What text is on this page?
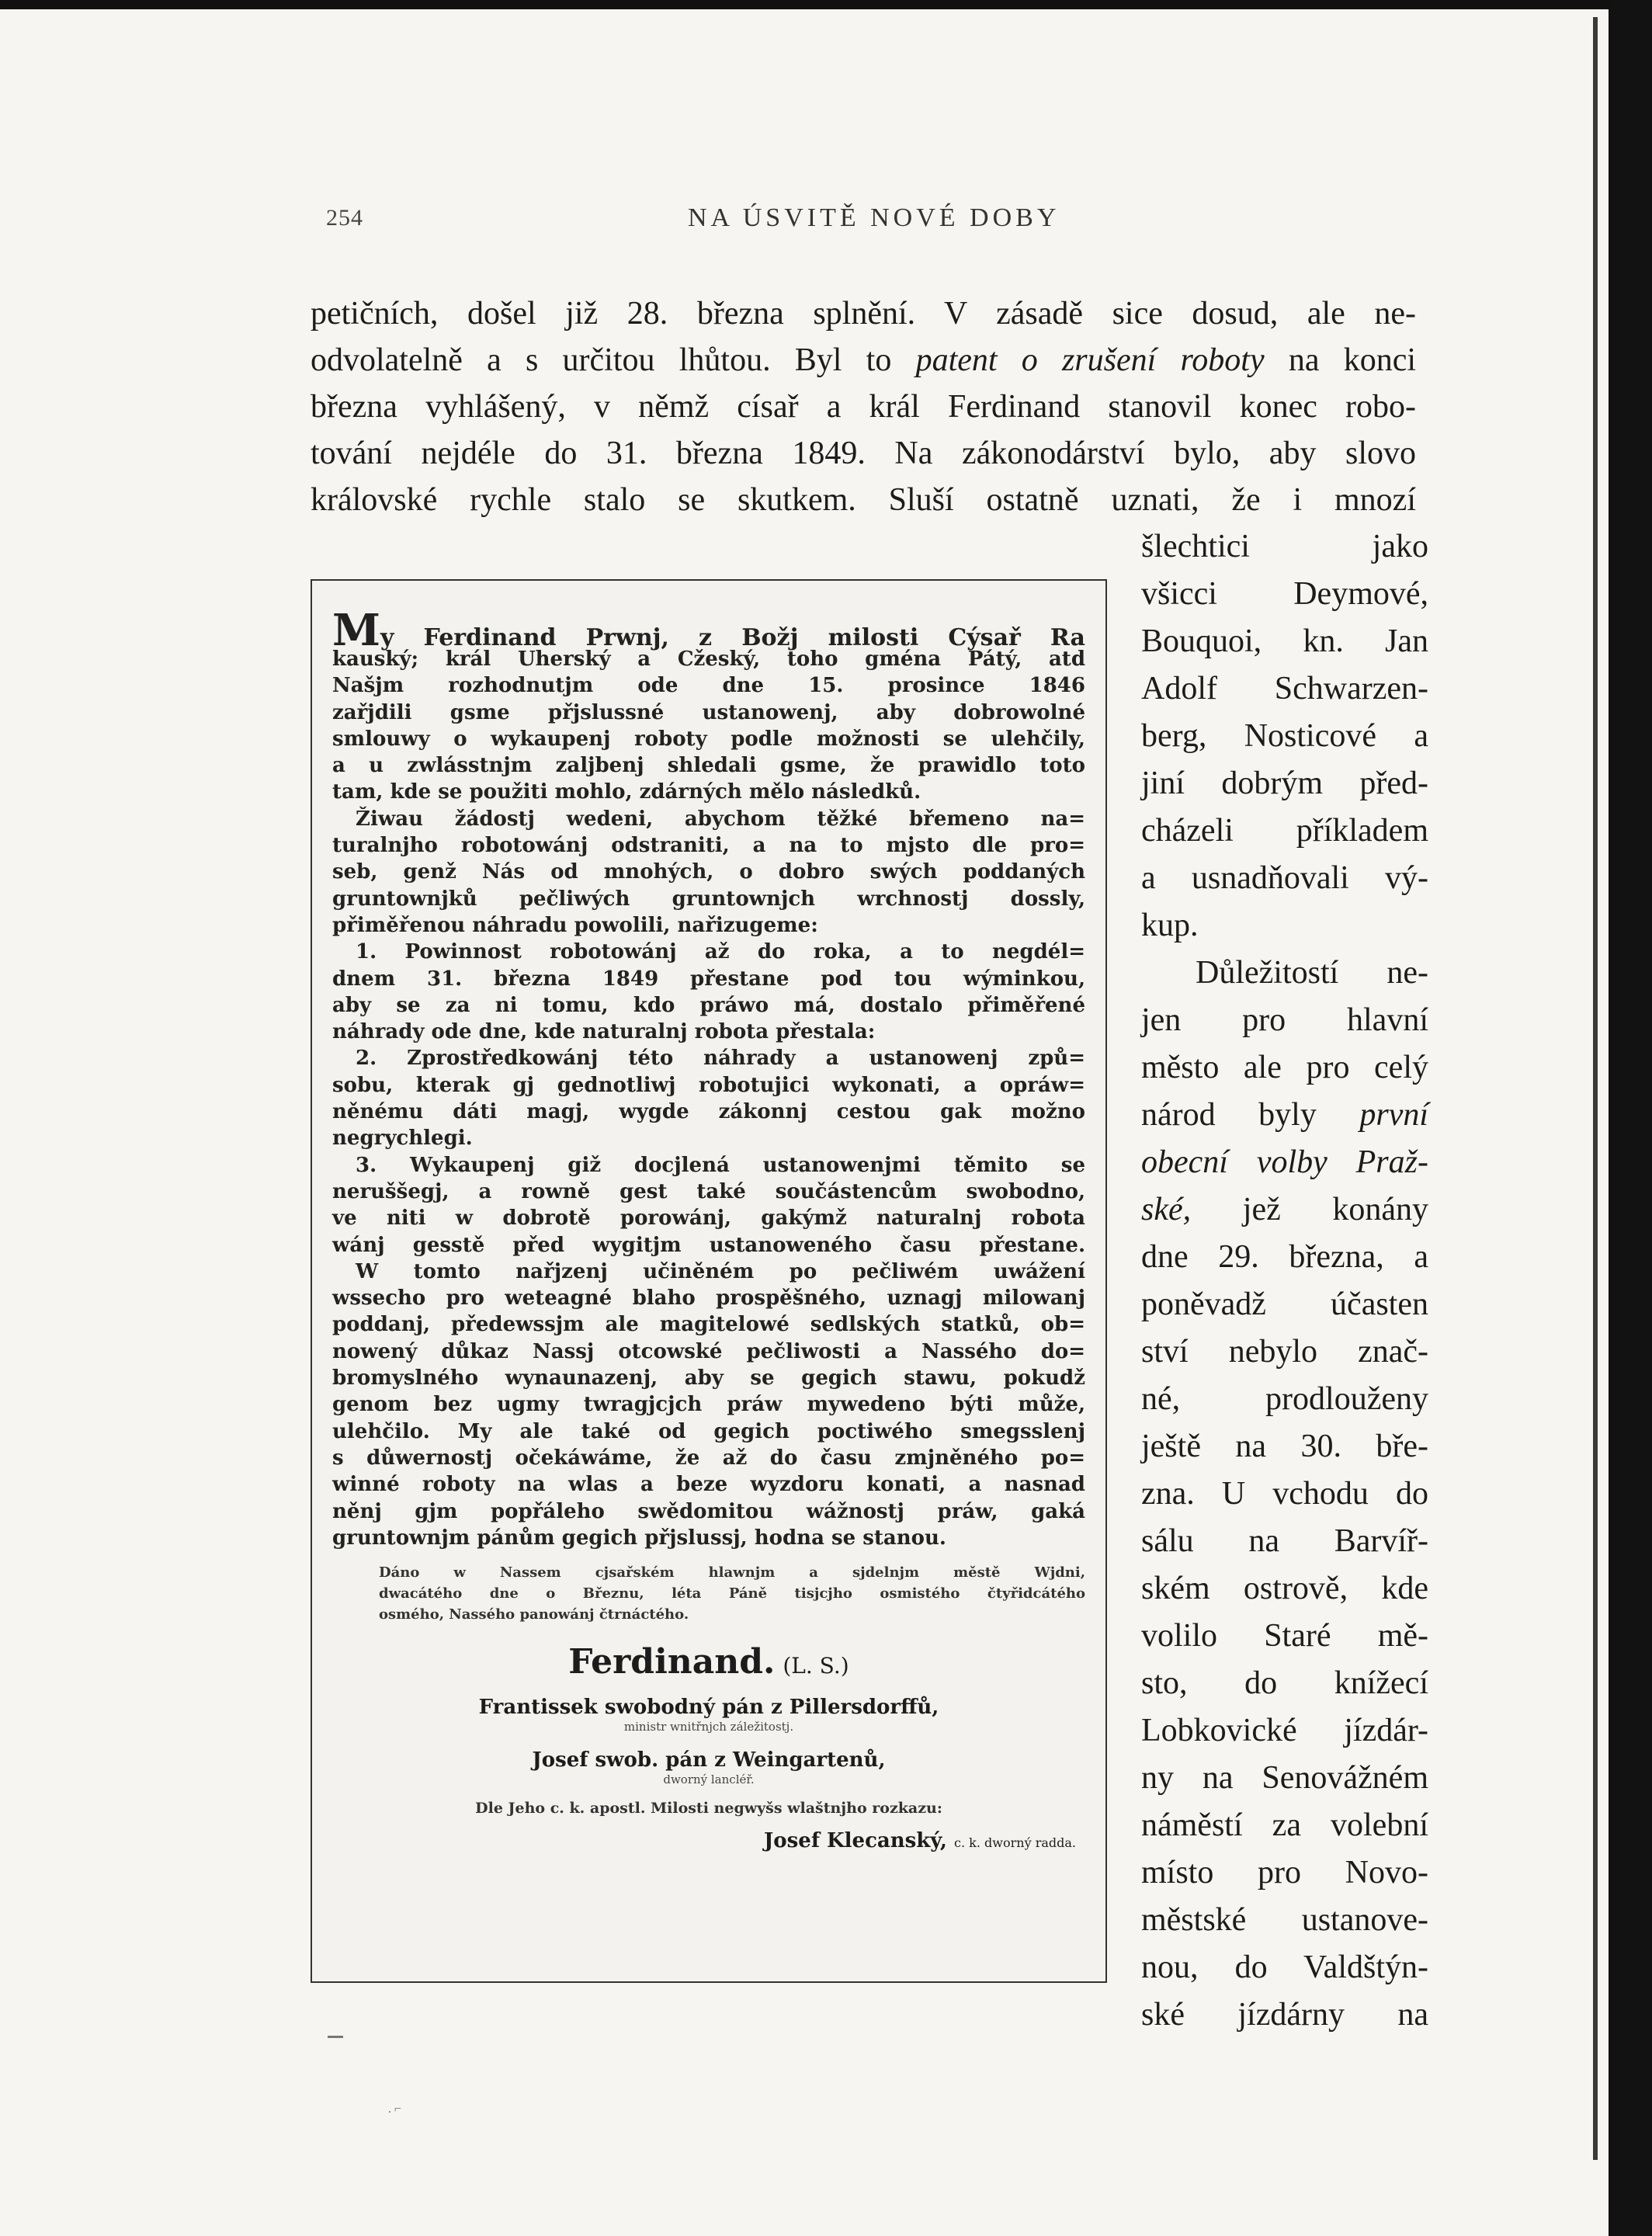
254	NA ÚSVITĚ NOVÉ DOBY
petičních, došel již 28. března splnění. V zásadě sice dosud, ale ne-
odvolatelně a s určitou lhůtou. Byl to patent o zrušení roboty na konci
března vyhlášený, v němž císař a král Ferdinand stanovil konec robo-
tování nejdéle do 31. března 1849. Na zákonodárství bylo, aby slovo
královské rychle stalo se skutkem. Sluší ostatně uznati, že i mnozí
šlechtici jako
všicci Deymové,
Bouquoi, kn. Jan
Adolf Schwarzen-
berg, Nosticové a
jiní dobrým před-
cházeli příkladem
a usnadňovali vý-
kup.
Důležitostí ne-
jen pro hlavní
město ale pro celý
národ byly první
obecní volby Praž-
ské, jež konány
dne 29. března, a
poněvadž účasten
ství nebylo znač-
né, prodlouženy
ještě na 30. bře-
zna. U vchodu do
sálu na Barvíř-
ském ostrově, kde
volilo Staré mě-
sto, do knížecí
Lobkovické jízdár-
ny na Senovážném
náměstí za volební
místo pro Novo-
městské ustanove-
nou, do Valdštýn-
ské jízdárny na
My Ferdinand Prwnj, z Božj milosti Cýsař Ra
kauský; král Uherský a Cžeský, toho gména Pátý, atd
Našjm rozhodnutjm ode dne 15. prosince 1846
zařjdili gsme přjslussné ustanowenj, aby dobrowolné
smlouwy o wykaupenj roboty podle možnosti se ulehčily,
a u zwlásstnjm zaljbenj shledali gsme, že prawidlo toto
tam, kde se použiti mohlo, zdárných mělo následků.
Žiwau žádostj wedeni, abychom těžké břemeno na=
turalnjho robotowánj odstraniti, a na to mjsto dle pro=
seb, genž Nás od mnohých, o dobro swých poddaných
gruntownjků pečliwých gruntownjch wrchnostj dossly,
přiměřenou náhradu powolili, nařizugeme:
1. Powinnost robotowánj až do roka, a to negdél=
dnem 31. března 1849 přestane pod tou wýminkou,
aby se za ni tomu, kdo práwo má, dostalo přiměřené
náhrady ode dne, kde naturalnj robota přestala:
2. Zprostředkowánj této náhrady a ustanowenj způ=
sobu, kterak gj gednotliwj robotujici wykonati, a opráw=
něnému dáti magj, wygde zákonnj cestou gak možno
negrychlegi.
3. Wykaupenj giž docjlená ustanowenjmi těmito se
neruššegj, a rowně gest také součástencům swobodno,
ve niti w dobrotě porowánj, gakýmž naturalnj robota
wánj gesstě před wygitjm ustanoweného času přestane.
W tomto nařjzenj učiněném po pečliwém uwážení
wssecho pro weteagné blaho prospěšného, uznagj milowanj
poddanj, předewssjm ale magitelowé sedlských statků, ob=
nowený důkaz Nassj otcowské pečliwosti a Nassého do=
bromyslného wynaunazenj, aby se gegich stawu, pokudž
genom bez ugmy twragjcjch práw mywedeno býti může,
ulehčilo. My ale také od gegich poctiwého smegsslenj
s důwernostj očekáwáme, že až do času zmjněného po=
winné roboty na wlas a beze wyzdoru konati, a nasnad
něnj gjm popřáleho swědomitou wážnostj práw, gaká
gruntownjm pánům gegich přjslussj, hodna se stanou.
Dáno w Nassem cjsařském hlawnjm a sjdelnjm městě Wjdni,
dwacátého dne o Březnu, léta Páně tisjcjho osmistého čtyřidcátého
osmého, Nassého panowánj čtrnáctého.
Ferdinand. (L. S.)
Frantissek swobodný pán z Pillersdorffů,
ministr wnitřnjch záležitostj.
Josef swob. pán z Weingartenů,
dworný lancléř.
Dle Jeho c. k. apostl. Milosti negwyšs wlaštnjho rozkazu:
Josef Klecanský, c. k. dworný radda.
. ⌐
